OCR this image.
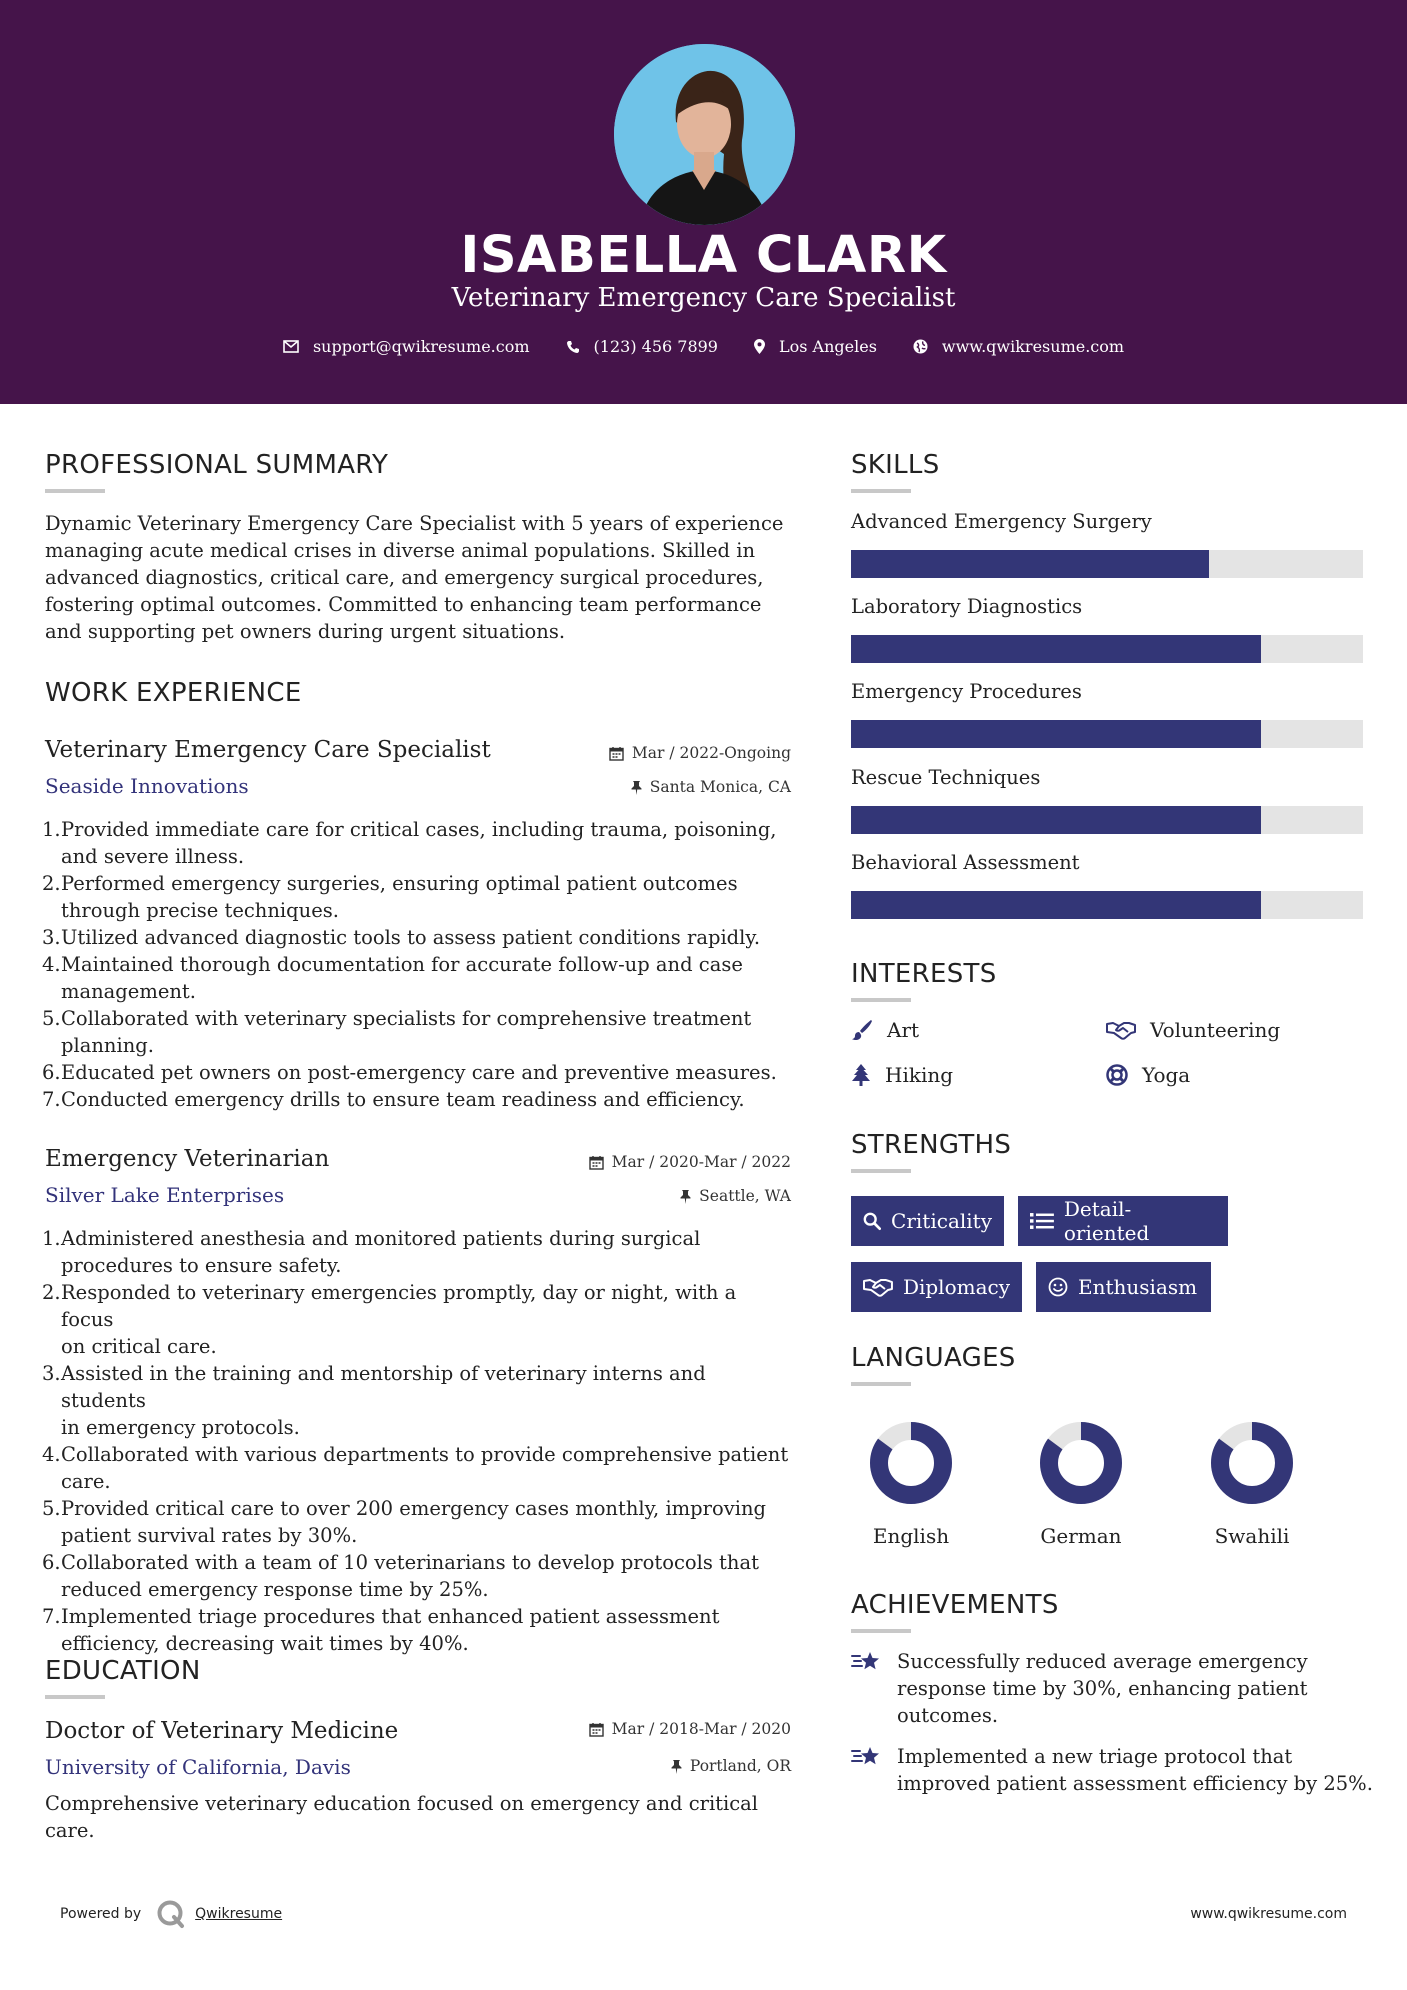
ISABELLA CLARK
Veterinary Emergency Care Specialist
support@qwikresume.com	(123) 456 7899	Los Angeles	www.qwikresume.com
PROFESSIONAL SUMMARY
Dynamic Veterinary Emergency Care Specialist with 5 years of experience
managing acute medical crises in diverse animal populations. Skilled in
advanced diagnostics, critical care, and emergency surgical procedures,
fostering optimal outcomes. Committed to enhancing team performance
and supporting pet owners during urgent situations.
WORK EXPERIENCE
Veterinary Emergency Care Specialist	Mar / 2022-Ongoing
Seaside Innovations	Santa Monica, CA
1. Provided immediate care for critical cases, including trauma, poisoning,
and severe illness.
2. Performed emergency surgeries, ensuring optimal patient outcomes
through precise techniques.
3. Utilized advanced diagnostic tools to assess patient conditions rapidly.
4. Maintained thorough documentation for accurate follow-up and case
management.
5. Collaborated with veterinary specialists for comprehensive treatment
planning.
6. Educated pet owners on post-emergency care and preventive measures.
7. Conducted emergency drills to ensure team readiness and efficiency.
Emergency Veterinarian	Mar / 2020-Mar / 2022
Silver Lake Enterprises	Seattle, WA
1. Administered anesthesia and monitored patients during surgical
procedures to ensure safety.
2. Responded to veterinary emergencies promptly, day or night, with a focus
on critical care.
3. Assisted in the training and mentorship of veterinary interns and students
in emergency protocols.
4. Collaborated with various departments to provide comprehensive patient
care.
5. Provided critical care to over 200 emergency cases monthly, improving
patient survival rates by 30%.
6. Collaborated with a team of 10 veterinarians to develop protocols that
reduced emergency response time by 25%.
7. Implemented triage procedures that enhanced patient assessment
efficiency, decreasing wait times by 40%.
EDUCATION
Doctor of Veterinary Medicine	Mar / 2018-Mar / 2020
University of California, Davis	Portland, OR
Comprehensive veterinary education focused on emergency and critical
care.
SKILLS
Advanced Emergency Surgery
Laboratory Diagnostics
Emergency Procedures
Rescue Techniques
Behavioral Assessment
INTERESTS
Art	Volunteering
Hiking	Yoga
STRENGTHS
Criticality	Detail-oriented
Diplomacy	Enthusiasm
LANGUAGES
English	German	Swahili
ACHIEVEMENTS
Successfully reduced average emergency
response time by 30%, enhancing patient
outcomes.
Implemented a new triage protocol that
improved patient assessment efficiency by 25%.
Powered by	Qwikresume	www.qwikresume.com
